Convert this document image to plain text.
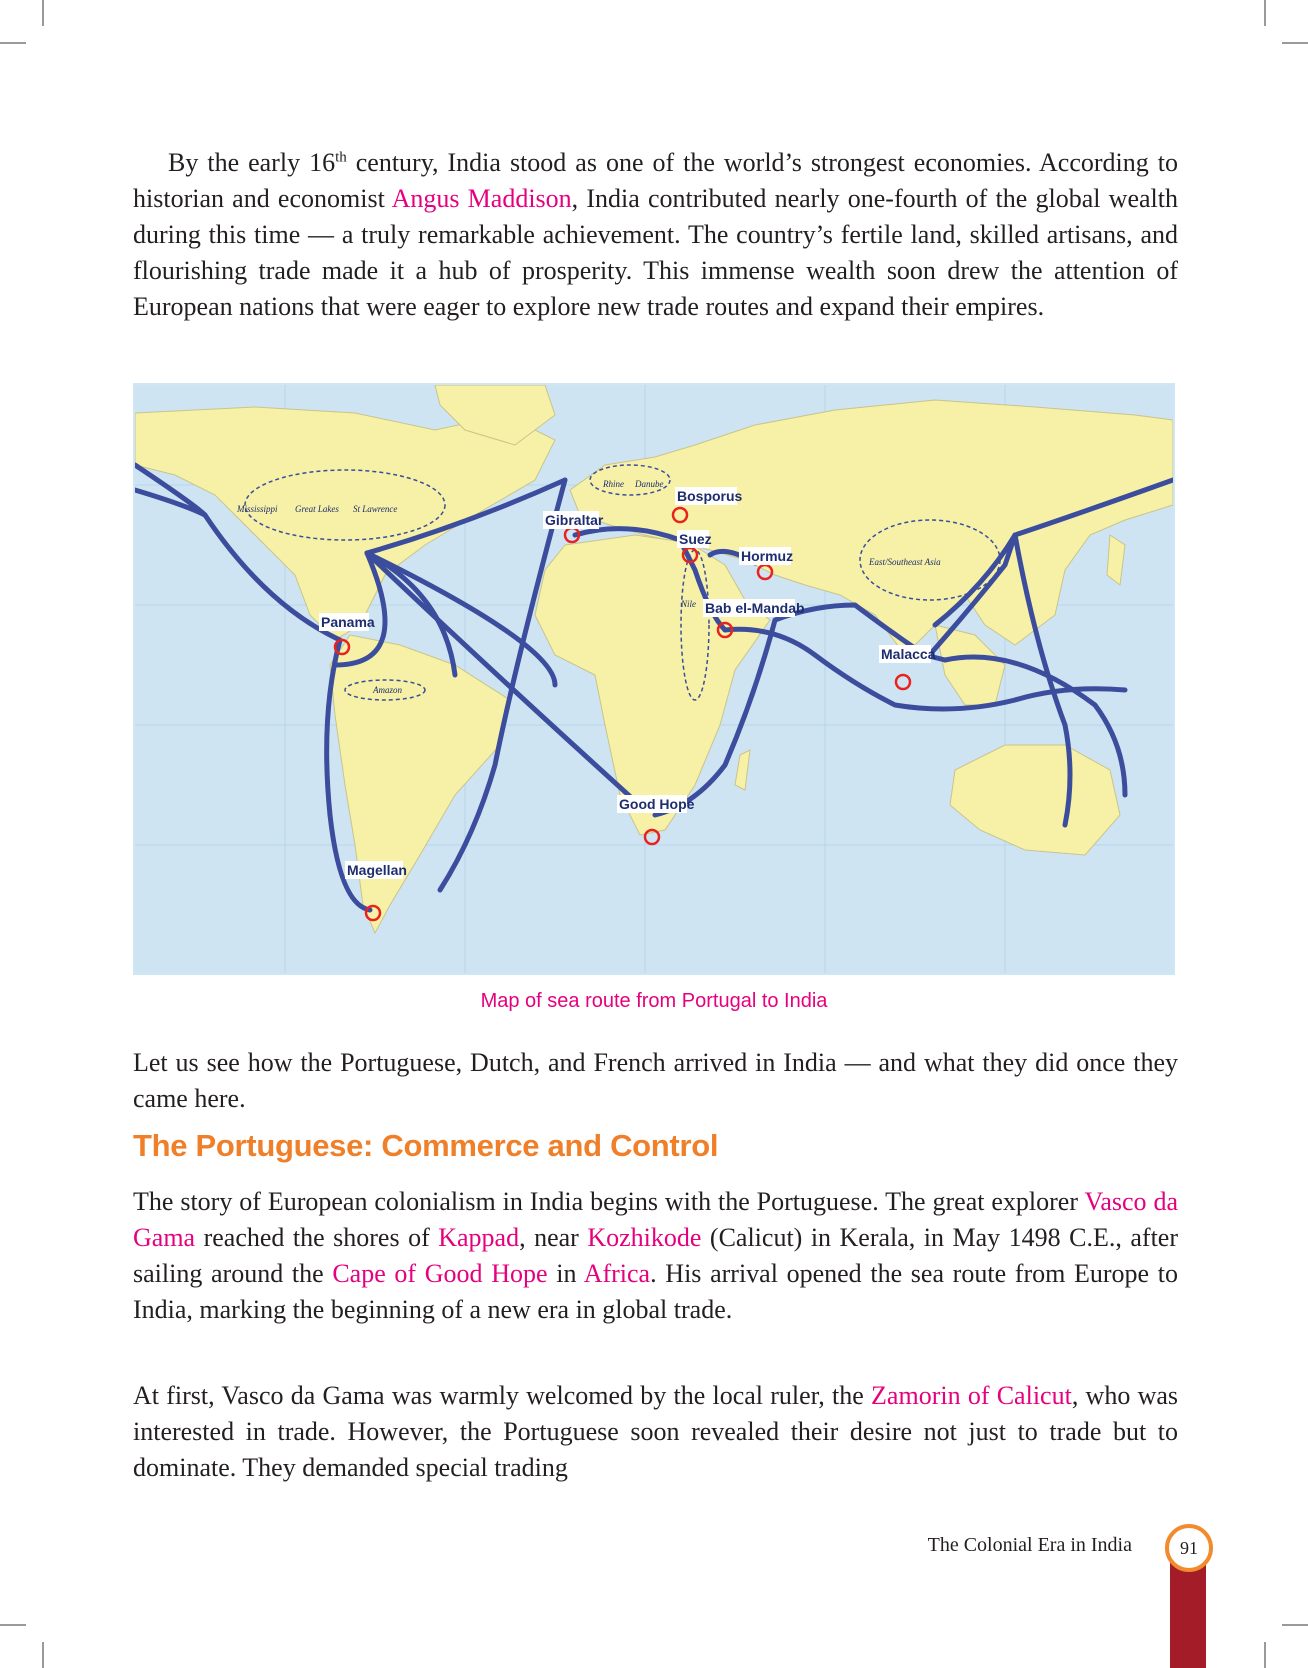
By the early 16th century, India stood as one of the world’s strongest economies. According to historian and economist Angus Maddison, India contributed nearly one-fourth of the global wealth during this time — a truly remarkable achievement. The country’s fertile land, skilled artisans, and flourishing trade made it a hub of prosperity. This immense wealth soon drew the attention of European nations that were eager to explore new trade routes and expand their empires.

Bosporus
Gibraltar
Suez
Hormuz
Bab el-Mandab
Panama
Malacca
Good Hope
Magellan
Mississippi Great Lakes St Lawrence
Rhine Danube
Nile
Amazon
East/Southeast Asia
Map of sea route from Portugal to India

Let us see how the Portuguese, Dutch, and French arrived in India — and what they did once they came here.

The Portuguese: Commerce and Control

The story of European colonialism in India begins with the Portuguese. The great explorer Vasco da Gama reached the shores of Kappad, near Kozhikode (Calicut) in Kerala, in May 1498 C.E., after sailing around the Cape of Good Hope in Africa. His arrival opened the sea route from Europe to India, marking the beginning of a new era in global trade.

At first, Vasco da Gama was warmly welcomed by the local ruler, the Zamorin of Calicut, who was interested in trade. However, the Portuguese soon revealed their desire not just to trade but to dominate. They demanded special trading

The Colonial Era in India	91
